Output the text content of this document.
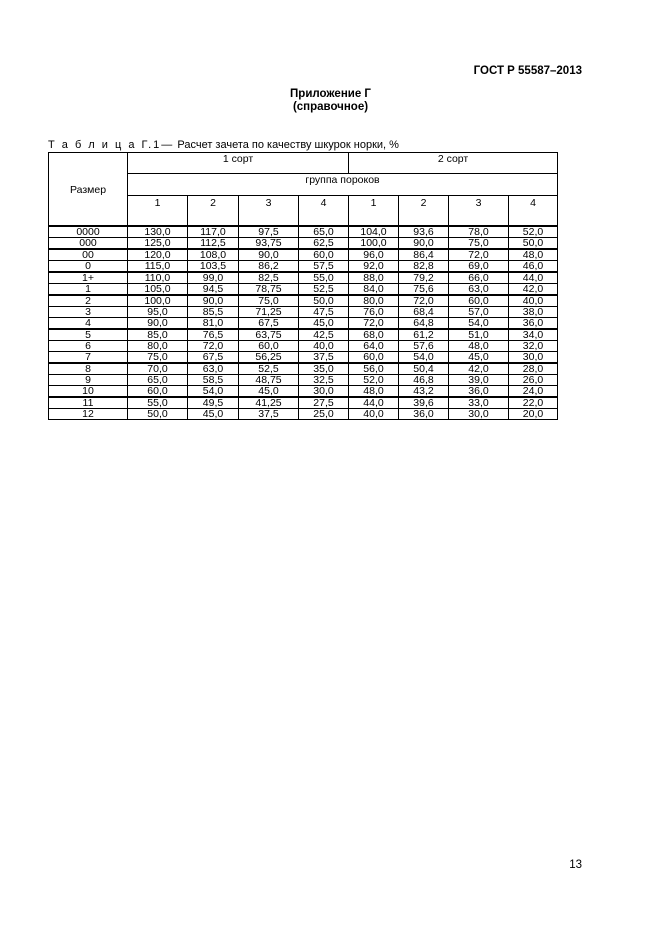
ГОСТ Р 55587–2013
Приложение Г
(справочное)
Т а б л и ц а Г.1— Расчет зачета по качеству шкурок норки, %
Размер	1 сорт				2 сорт			
	группа пороков							
	1	2	3	4	1	2	3	4
0000	130,0	117,0	97,5	65,0	104,0	93,6	78,0	52,0
000	125,0	112,5	93,75	62,5	100,0	90,0	75,0	50,0
00	120,0	108,0	90,0	60,0	96,0	86,4	72,0	48,0
0	115,0	103,5	86,2	57,5	92,0	82,8	69,0	46,0
1+	110,0	99,0	82,5	55,0	88,0	79,2	66,0	44,0
1	105,0	94,5	78,75	52,5	84,0	75,6	63,0	42,0
2	100,0	90,0	75,0	50,0	80,0	72,0	60,0	40,0
3	95,0	85,5	71,25	47,5	76,0	68,4	57,0	38,0
4	90,0	81,0	67,5	45,0	72,0	64,8	54,0	36,0
5	85,0	76,5	63,75	42,5	68,0	61,2	51,0	34,0
6	80,0	72,0	60,0	40,0	64,0	57,6	48,0	32,0
7	75,0	67,5	56,25	37,5	60,0	54,0	45,0	30,0
8	70,0	63,0	52,5	35,0	56,0	50,4	42,0	28,0
9	65,0	58,5	48,75	32,5	52,0	46,8	39,0	26,0
10	60,0	54,0	45,0	30,0	48,0	43,2	36,0	24,0
11	55,0	49,5	41,25	27,5	44,0	39,6	33,0	22,0
12	50,0	45,0	37,5	25,0	40,0	36,0	30,0	20,0
13
